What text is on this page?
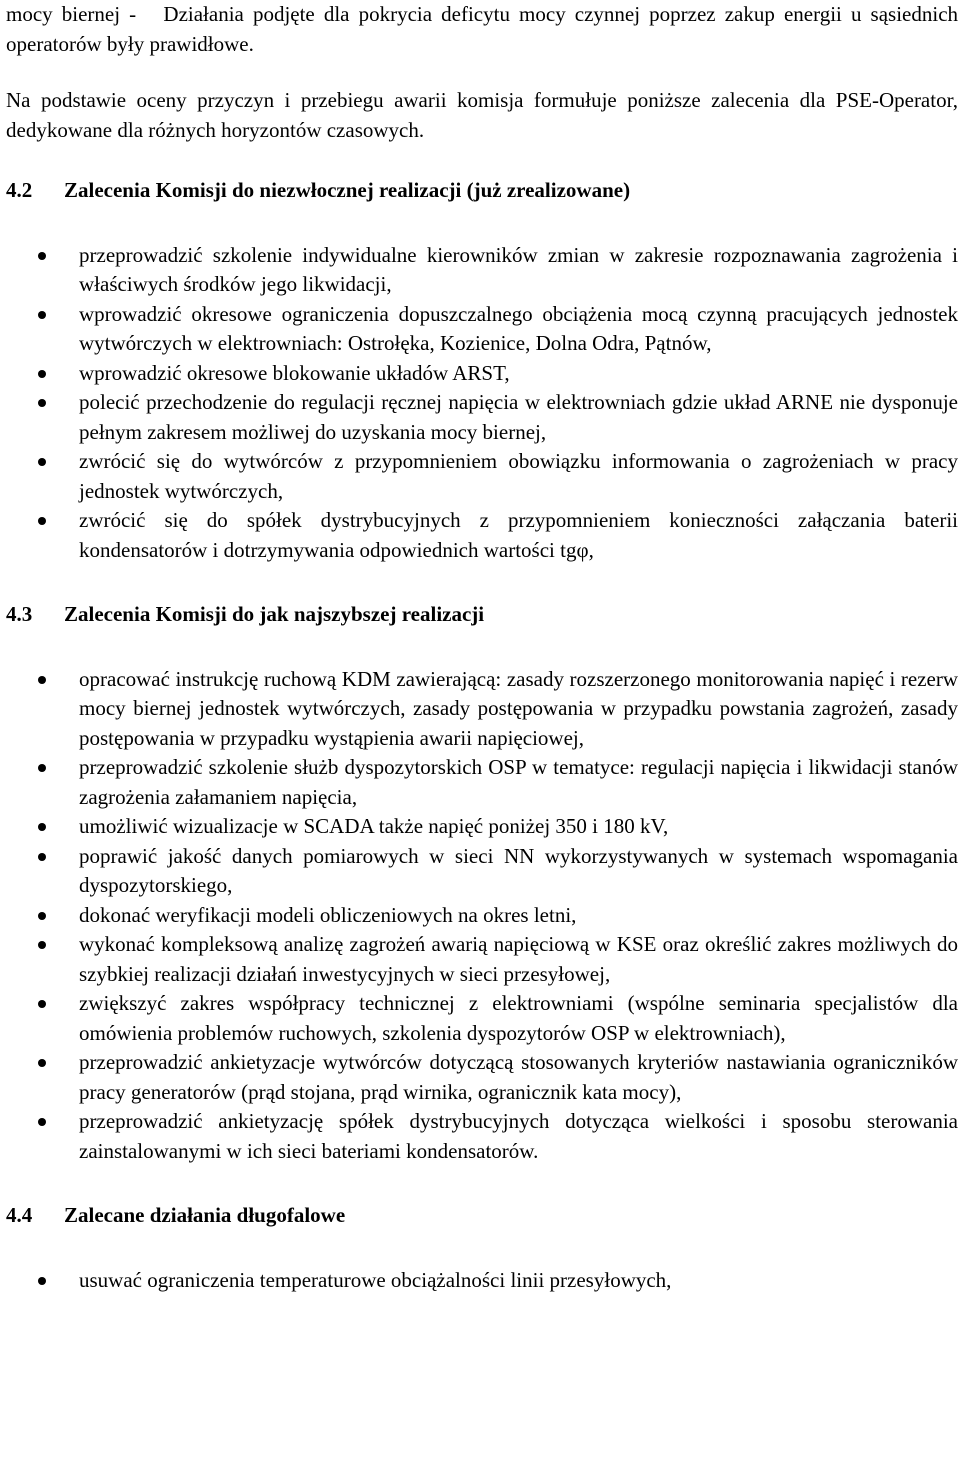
mocy biernej - Działania podjęte dla pokrycia deficytu mocy czynnej poprzez zakup energii u sąsiednich operatorów były prawidłowe.

Na podstawie oceny przyczyn i przebiegu awarii komisja formułuje poniższe zalecenia dla PSE-Operator, dedykowane dla różnych horyzontów czasowych.

4.2 Zalecenia Komisji do niezwłocznej realizacji (już zrealizowane)
przeprowadzić szkolenie indywidualne kierowników zmian w zakresie rozpoznawania zagrożenia i właściwych środków jego likwidacji,
wprowadzić okresowe ograniczenia dopuszczalnego obciążenia mocą czynną pracujących jednostek wytwórczych w elektrowniach: Ostrołęka, Kozienice, Dolna Odra, Pątnów,
wprowadzić okresowe blokowanie układów ARST,
polecić przechodzenie do regulacji ręcznej napięcia w elektrowniach gdzie układ ARNE nie dysponuje pełnym zakresem możliwej do uzyskania mocy biernej,
zwrócić się do wytwórców z przypomnieniem obowiązku informowania o zagrożeniach w pracy jednostek wytwórczych,
zwrócić się do spółek dystrybucyjnych z przypomnieniem konieczności załączania baterii kondensatorów i dotrzymywania odpowiednich wartości tgφ,
4.3 Zalecenia Komisji do jak najszybszej realizacji
opracować instrukcję ruchową KDM zawierającą: zasady rozszerzonego monitorowania napięć i rezerw mocy biernej jednostek wytwórczych, zasady postępowania w przypadku powstania zagrożeń, zasady postępowania w przypadku wystąpienia awarii napięciowej,
przeprowadzić szkolenie służb dyspozytorskich OSP w tematyce: regulacji napięcia i likwidacji stanów zagrożenia załamaniem napięcia,
umożliwić wizualizacje w SCADA także napięć poniżej 350 i 180 kV,
poprawić jakość danych pomiarowych w sieci NN wykorzystywanych w systemach wspomagania dyspozytorskiego,
dokonać weryfikacji modeli obliczeniowych na okres letni,
wykonać kompleksową analizę zagrożeń awarią napięciową w KSE oraz określić zakres możliwych do szybkiej realizacji działań inwestycyjnych w sieci przesyłowej,
zwiększyć zakres współpracy technicznej z elektrowniami (wspólne seminaria specjalistów dla omówienia problemów ruchowych, szkolenia dyspozytorów OSP w elektrowniach),
przeprowadzić ankietyzacje wytwórców dotyczącą stosowanych kryteriów nastawiania ograniczników pracy generatorów (prąd stojana, prąd wirnika, ogranicznik kata mocy),
przeprowadzić ankietyzację spółek dystrybucyjnych dotycząca wielkości i sposobu sterowania zainstalowanymi w ich sieci bateriami kondensatorów.
4.4 Zalecane działania długofalowe
usuwać ograniczenia temperaturowe obciążalności linii przesyłowych,
